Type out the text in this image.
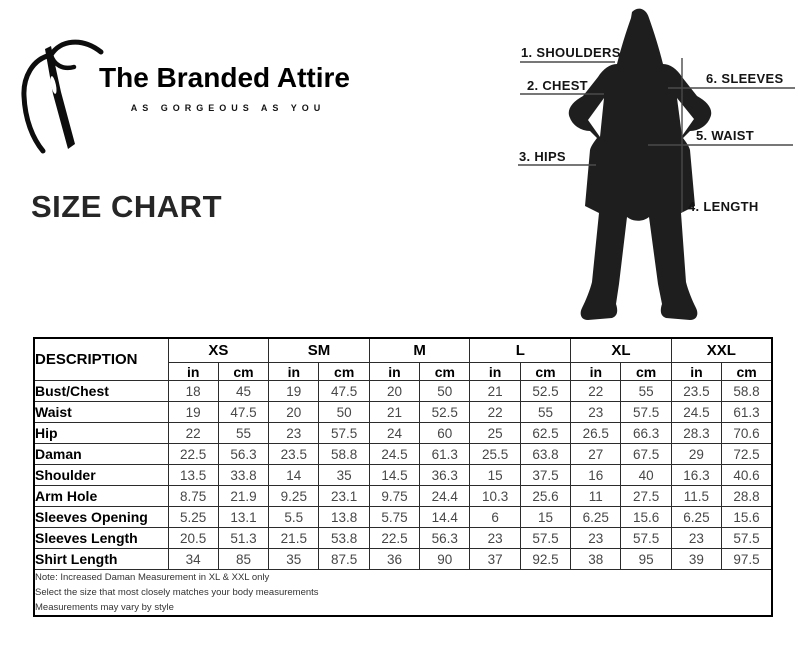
The Branded Attire
AS GORGEOUS AS YOU
SIZE CHART
1. SHOULDERS
2. CHEST
3. HIPS
4. LENGTH
5. WAIST
6. SLEEVES
DESCRIPTION	XS		SM		M		L		XL		XXL	
	in	cm	in	cm	in	cm	in	cm	in	cm	in	cm
Bust/Chest	18	45	19	47.5	20	50	21	52.5	22	55	23.5	58.8
Waist	19	47.5	20	50	21	52.5	22	55	23	57.5	24.5	61.3
Hip	22	55	23	57.5	24	60	25	62.5	26.5	66.3	28.3	70.6
Daman	22.5	56.3	23.5	58.8	24.5	61.3	25.5	63.8	27	67.5	29	72.5
Shoulder	13.5	33.8	14	35	14.5	36.3	15	37.5	16	40	16.3	40.6
Arm Hole	8.75	21.9	9.25	23.1	9.75	24.4	10.3	25.6	11	27.5	11.5	28.8
Sleeves Opening	5.25	13.1	5.5	13.8	5.75	14.4	6	15	6.25	15.6	6.25	15.6
Sleeves Length	20.5	51.3	21.5	53.8	22.5	56.3	23	57.5	23	57.5	23	57.5
Shirt Length	34	85	35	87.5	36	90	37	92.5	38	95	39	97.5

Note: Increased Daman Measurement in XL & XXL only
Select the size that most closely matches your body measurements
Measurements may vary by style												
